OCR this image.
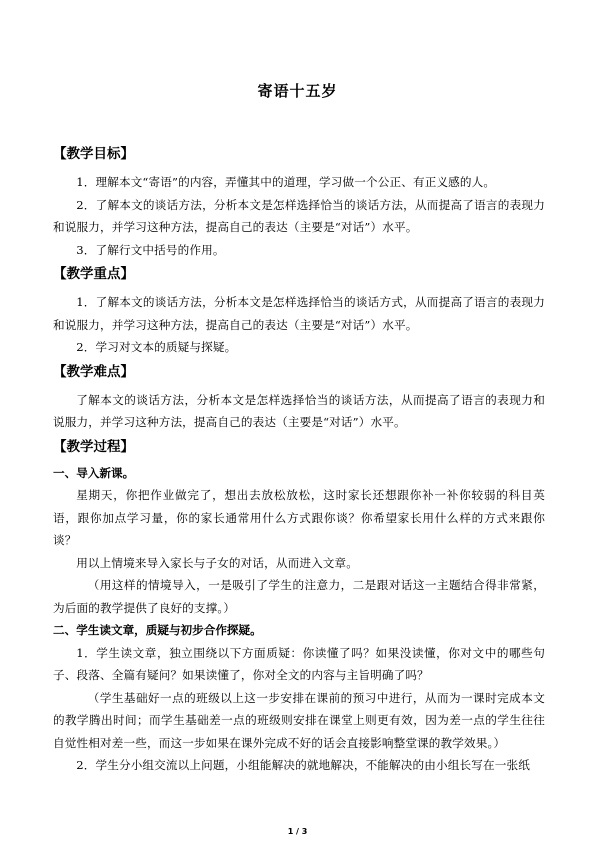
寄语十五岁

【教学目标】

1．理解本文“寄语”的内容，弄懂其中的道理，学习做一个公正、有正义感的人。

2．了解本文的谈话方法，分析本文是怎样选择恰当的谈话方法，从而提高了语言的表现力和说服力，并学习这种方法，提高自己的表达（主要是“对话”）水平。

3．了解行文中括号的作用。

【教学重点】

1．了解本文的谈话方法，分析本文是怎样选择恰当的谈话方式，从而提高了语言的表现力和说服力，并学习这种方法，提高自己的表达（主要是“对话”）水平。

2．学习对文本的质疑与探疑。

【教学难点】

了解本文的谈话方法，分析本文是怎样选择恰当的谈话方法，从而提高了语言的表现力和说服力，并学习这种方法，提高自己的表达（主要是“对话”）水平。

【教学过程】

一、导入新课。

星期天，你把作业做完了，想出去放松放松，这时家长还想跟你补一补你较弱的科目英语，跟你加点学习量，你的家长通常用什么方式跟你谈？你希望家长用什么样的方式来跟你谈？

用以上情境来导入家长与子女的对话，从而进入文章。

（用这样的情境导入，一是吸引了学生的注意力，二是跟对话这一主题结合得非常紧，为后面的教学提供了良好的支撑。）

二、学生读文章，质疑与初步合作探疑。

1．学生读文章，独立围绕以下方面质疑：你读懂了吗？如果没读懂，你对文中的哪些句子、段落、全篇有疑问？如果读懂了，你对全文的内容与主旨明确了吗？

（学生基础好一点的班级以上这一步安排在课前的预习中进行，从而为一课时完成本文的教学腾出时间；而学生基础差一点的班级则安排在课堂上则更有效，因为差一点的学生往往自觉性相对差一些，而这一步如果在课外完成不好的话会直接影响整堂课的教学效果。）

2．学生分小组交流以上问题，小组能解决的就地解决，不能解决的由小组长写在一张纸

1 / 3
